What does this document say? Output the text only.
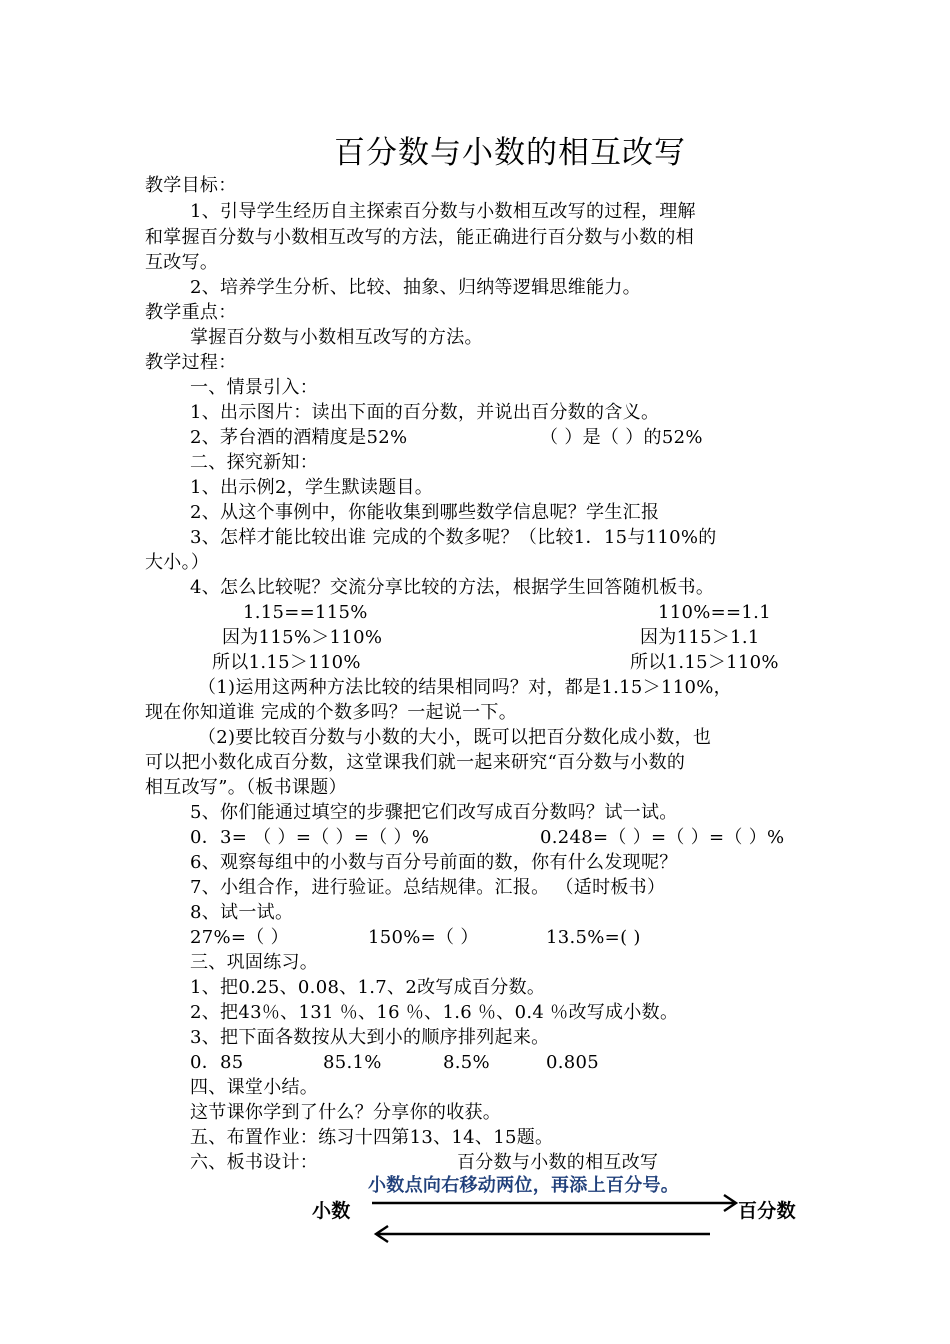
百分数与小数的相互改写
教学目标：
1、引导学生经历自主探索百分数与小数相互改写的过程，理解
和掌握百分数与小数相互改写的方法，能正确进行百分数与小数的相
互改写。
2、培养学生分析、比较、抽象、归纳等逻辑思维能力。
教学重点：
掌握百分数与小数相互改写的方法。
教学过程：
一、情景引入：
1、出示图片：读出下面的百分数，并说出百分数的含义。
2、茅台酒的酒精度是52%	（ ）是（ ）的52%
二、探究新知：
1、出示例2，学生默读题目。
2、从这个事例中，你能收集到哪些数学信息呢？学生汇报
3、怎样才能比较出谁 完成的个数多呢？（比较1．15与110%的
大小。）
4、怎么比较呢？交流分享比较的方法，根据学生回答随机板书。
1.15==115%	110%==1.1
因为115%＞110%	因为115＞1.1
所以1.15＞110%	所以1.15＞110%
（1)运用这两种方法比较的结果相同吗？对，都是1.15＞110%，
现在你知道谁 完成的个数多吗？一起说一下。
（2)要比较百分数与小数的大小，既可以把百分数化成小数，也
可以把小数化成百分数，这堂课我们就一起来研究“百分数与小数的
相互改写”。（板书课题）
5、你们能通过填空的步骤把它们改写成百分数吗？试一试。
0．3= （ ）=（ ）=（ ）%	0.248=（ ）=（ ）=（ ）%
6、观察每组中的小数与百分号前面的数，你有什么发现呢？
7、小组合作，进行验证。总结规律。汇报。 （适时板书）
8、试一试。
27%=（ ）	150%=（ ）	13.5%=( )
三、巩固练习。
1、把0.25、0.08、1.7、2改写成百分数。
2、把43％、131 ％、16 ％、1.6 ％、0.4 ％改写成小数。
3、把下面各数按从大到小的顺序排列起来。
0．85	85.1%	8.5%	0.805
四、课堂小结。
这节课你学到了什么？分享你的收获。
五、布置作业：练习十四第13、14、15题。
六、板书设计：	百分数与小数的相互改写
小数点向右移动两位，再添上百分号。
小数	百分数
